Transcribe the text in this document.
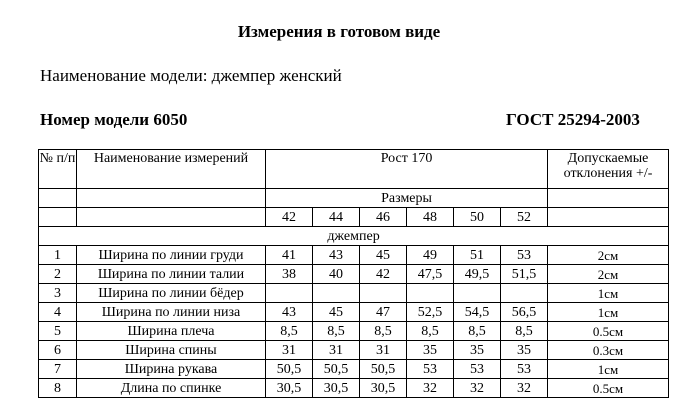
Измерения в готовом виде
Наименование модели: джемпер женский
Номер модели 6050	ГОСТ 25294-2003
№ п/п	Наименование измерений	Рост 170						Допускаемые отклонения +/-

		Размеры						
		42	44	46	48	50	52	
джемпер								
1	Ширина по линии груди	41	43	45	49	51	53	2см
2	Ширина по линии талии	38	40	42	47,5	49,5	51,5	2см
3	Ширина по линии бёдер							1см
4	Ширина по линии низа	43	45	47	52,5	54,5	56,5	1см
5	Ширина плеча	8,5	8,5	8,5	8,5	8,5	8,5	0.5см
6	Ширина спины	31	31	31	35	35	35	0.3см
7	Ширина рукава	50,5	50,5	50,5	53	53	53	1см
8	Длина по спинке	30,5	30,5	30,5	32	32	32	0.5см
